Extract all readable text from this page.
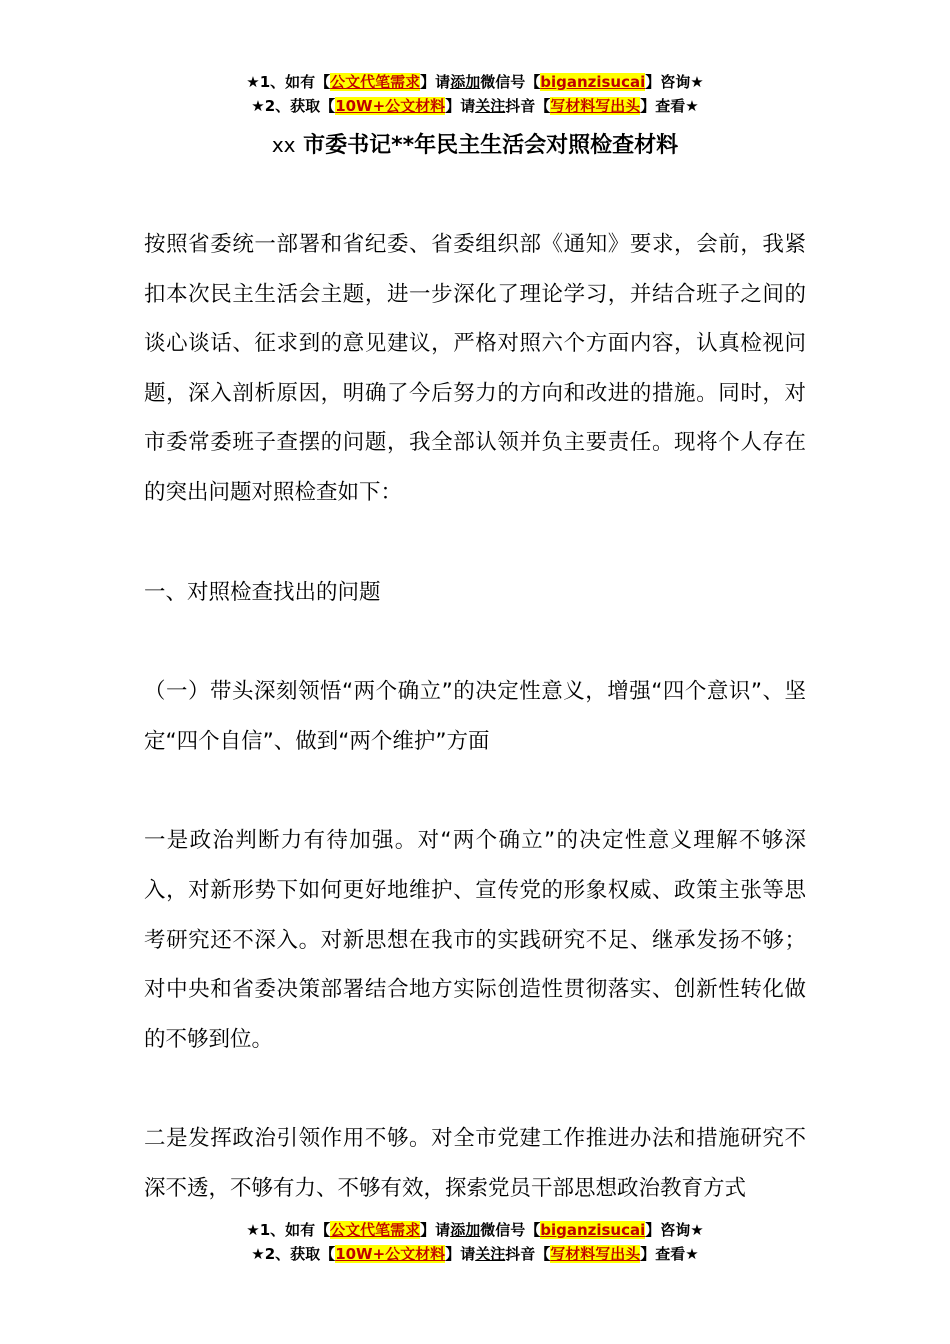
★1、如有【公文代笔需求】请添加微信号【biganzisucai】咨询★
★2、获取【10W+公文材料】请关注抖音【写材料写出头】查看★
xx 市委书记**年民主生活会对照检查材料

按照省委统一部署和省纪委、省委组织部《通知》要求，会前，我紧扣本次民主生活会主题，进一步深化了理论学习，并结合班子之间的谈心谈话、征求到的意见建议，严格对照六个方面内容，认真检视问题，深入剖析原因，明确了今后努力的方向和改进的措施。同时，对市委常委班子查摆的问题，我全部认领并负主要责任。现将个人存在的突出问题对照检查如下：

一、对照检查找出的问题

（一）带头深刻领悟“两个确立”的决定性意义，增强“四个意识”、坚定“四个自信”、做到“两个维护”方面

一是政治判断力有待加强。对“两个确立”的决定性意义理解不够深入，对新形势下如何更好地维护、宣传党的形象权威、政策主张等思考研究还不深入。对新思想在我市的实践研究不足、继承发扬不够；对中央和省委决策部署结合地方实际创造性贯彻落实、创新性转化做的不够到位。

二是发挥政治引领作用不够。对全市党建工作推进办法和措施研究不深不透，不够有力、不够有效，探索党员干部思想政治教育方式

★1、如有【公文代笔需求】请添加微信号【biganzisucai】咨询★
★2、获取【10W+公文材料】请关注抖音【写材料写出头】查看★
